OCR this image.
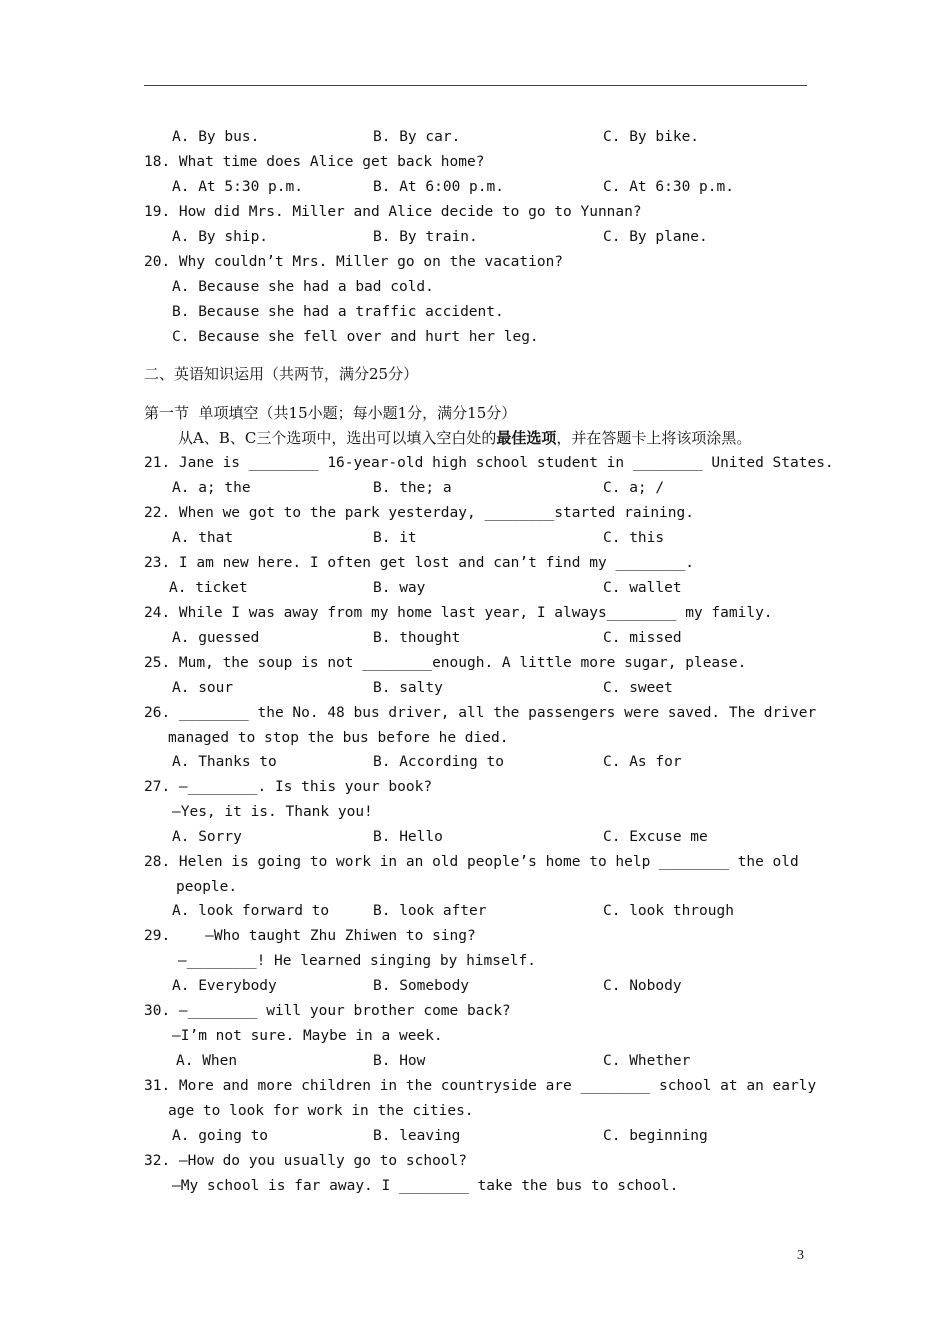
A. By bus.	B. By car.	C. By bike.
18. What time does Alice get back home?
A. At 5:30 p.m.	B. At 6:00 p.m.	C. At 6:30 p.m.
19. How did Mrs. Miller and Alice decide to go to Yunnan?
A. By ship.	B. By train.	C. By plane.
20. Why couldn’t Mrs. Miller go on the vacation?
A. Because she had a bad cold.
B. Because she had a traffic accident.
C. Because she fell over and hurt her leg.
二、英语知识运用（共两节，满分25分）
第一节  单项填空（共15小题；每小题1分，满分15分）
从A、B、C三个选项中，选出可以填入空白处的最佳选项，并在答题卡上将该项涂黑。
21. Jane is ________ 16-year-old high school student in ________ United States.
A. a; the	B. the; a	C. a; /
22. When we got to the park yesterday, ________started raining.
A. that	B. it	C. this
23. I am new here. I often get lost and can’t find my ________.
A. ticket	B. way	C. wallet
24. While I was away from my home last year, I always________ my family.
A. guessed	B. thought	C. missed
25. Mum, the soup is not ________enough. A little more sugar, please.
A. sour	B. salty	C. sweet
26. ________ the No. 48 bus driver, all the passengers were saved. The driver
managed to stop the bus before he died.
A. Thanks to	B. According to	C. As for
27. —________. Is this your book?
—Yes, it is. Thank you!
A. Sorry	B. Hello	C. Excuse me
28. Helen is going to work in an old people’s home to help ________ the old
people.
A. look forward to	B. look after	C. look through
29.    —Who taught Zhu Zhiwen to sing?
—________! He learned singing by himself.
A. Everybody	B. Somebody	C. Nobody
30. —________ will your brother come back?
—I’m not sure. Maybe in a week.
A. When	B. How	C. Whether
31. More and more children in the countryside are ________ school at an early
age to look for work in the cities.
A. going to	B. leaving	C. beginning
32. —How do you usually go to school?
—My school is far away. I ________ take the bus to school.
3
